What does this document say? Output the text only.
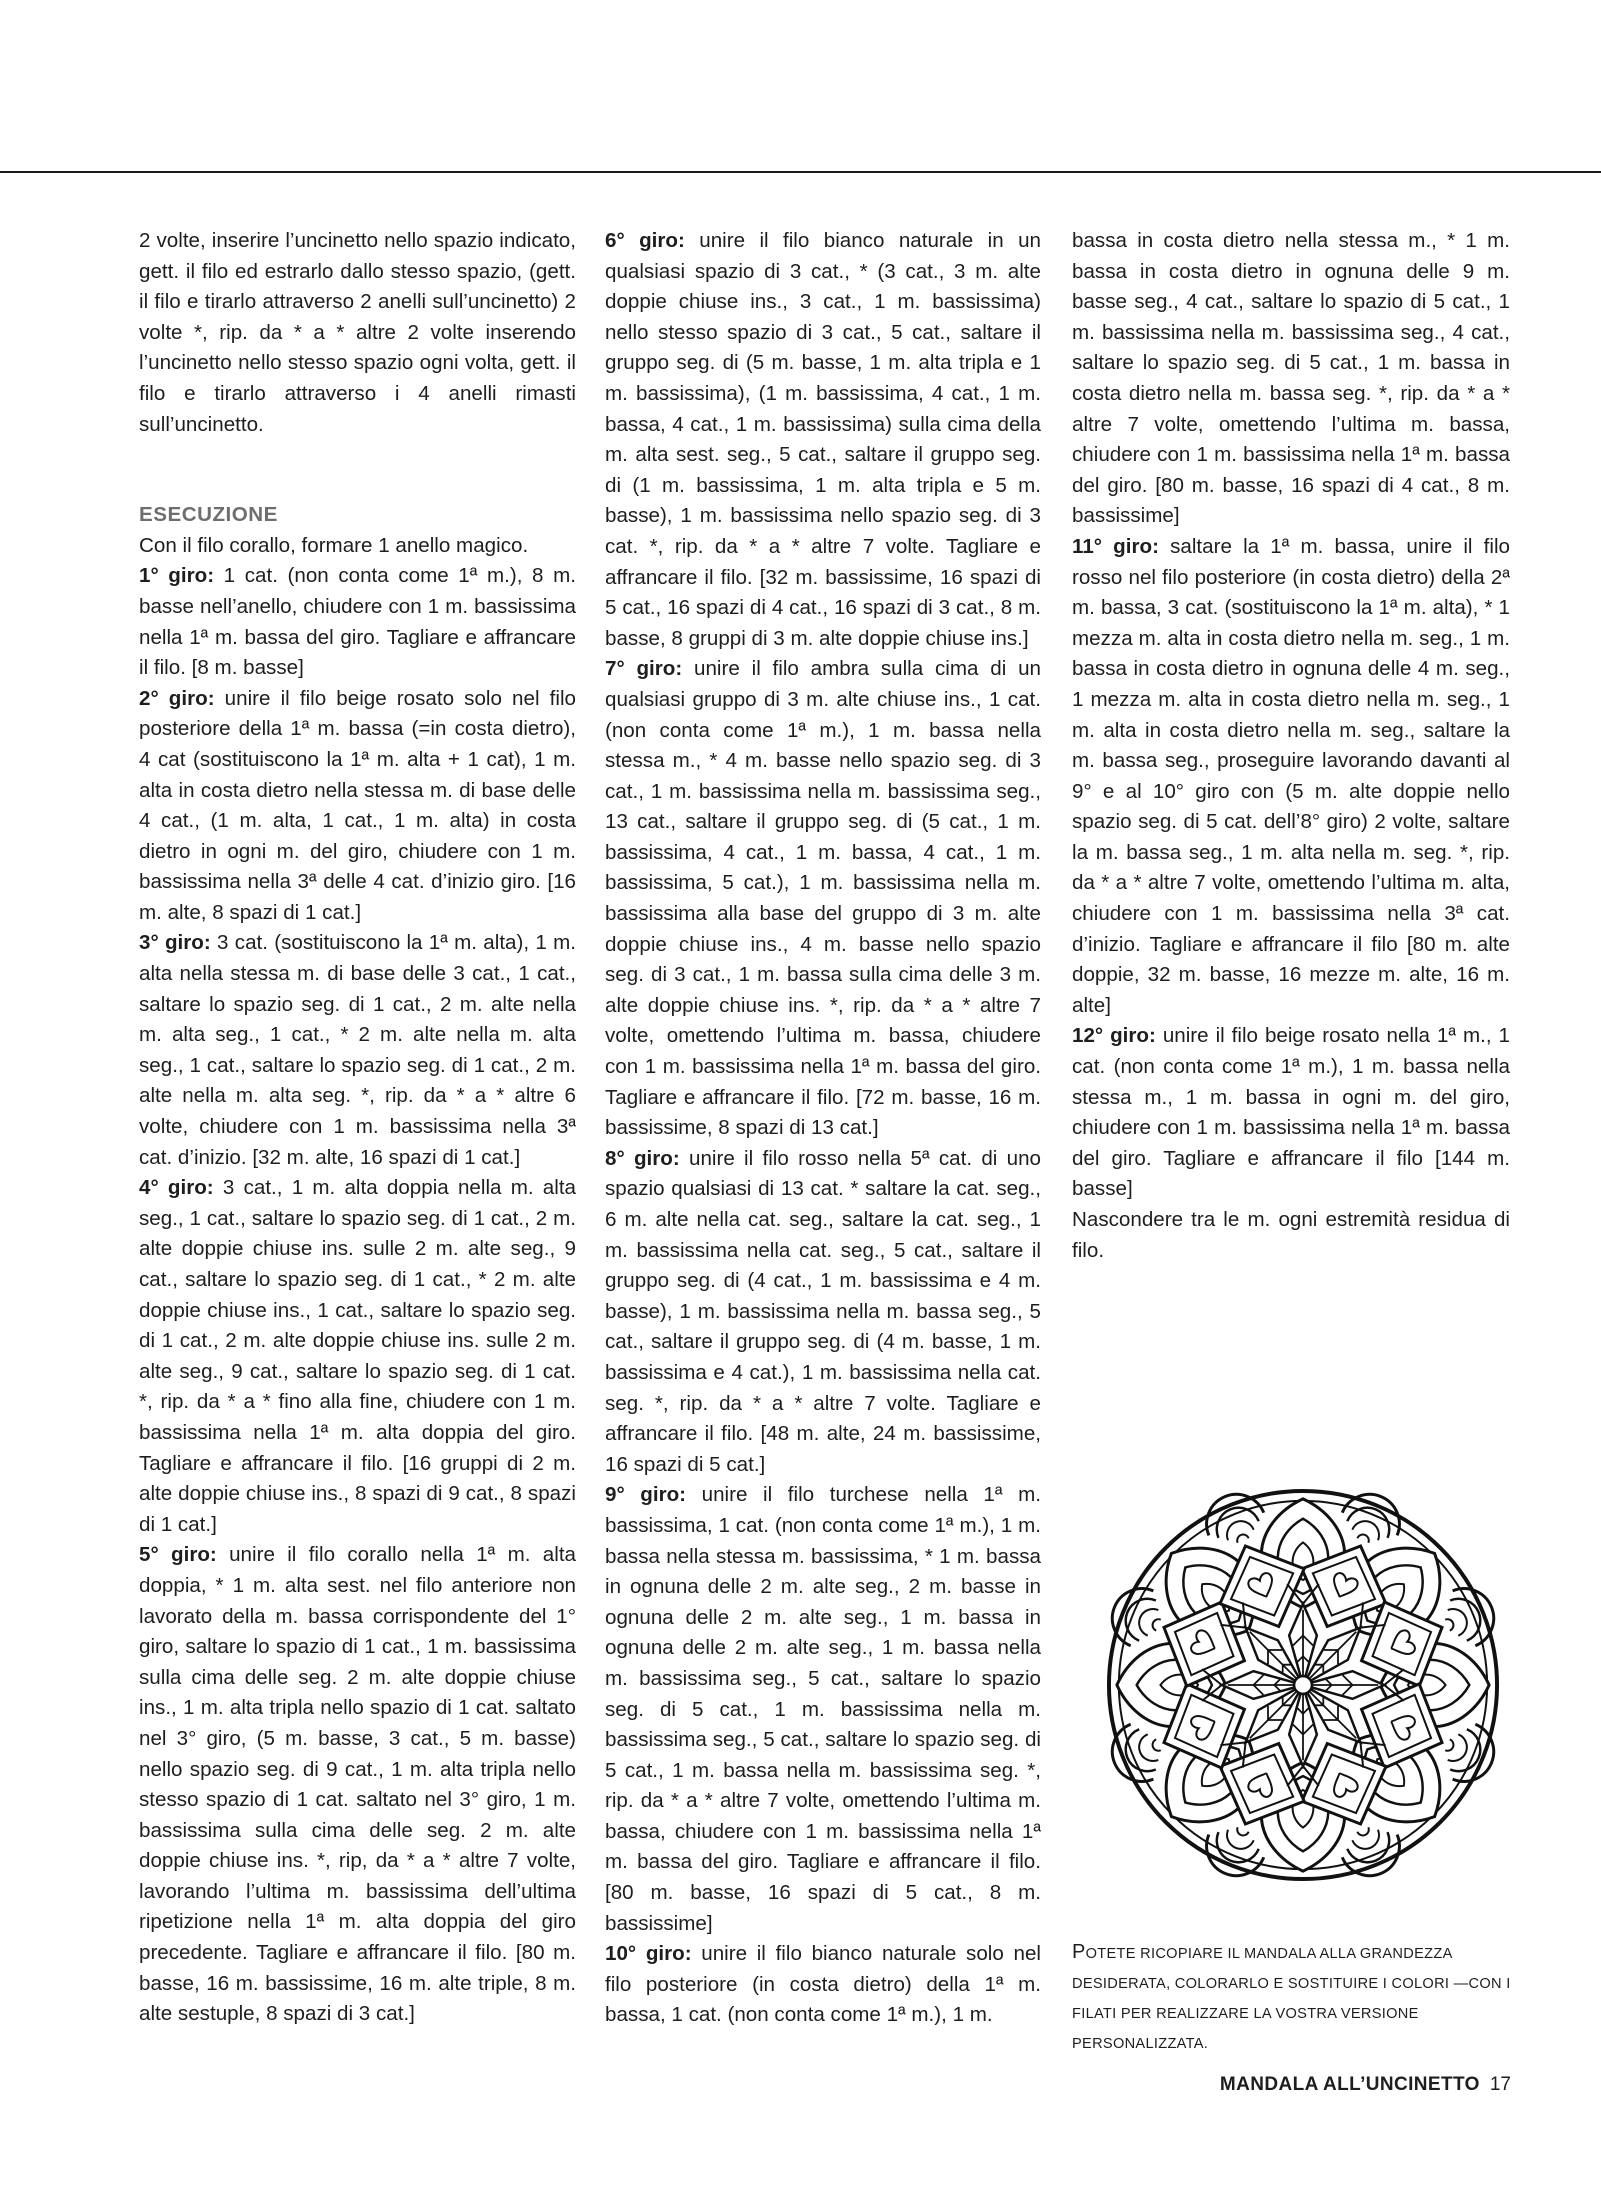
2 volte, inserire l’uncinetto nello spazio indicato, gett. il filo ed estrarlo dallo stesso spazio, (gett. il filo e tirarlo attraverso 2 anelli sull’uncinetto) 2 volte *, rip. da * a * altre 2 volte inserendo l’uncinetto nello stesso spazio ogni volta, gett. il filo e tirarlo attraverso i 4 anelli rimasti sull’uncinetto.

ESECUZIONE

Con il filo corallo, formare 1 anello magico.

1° giro: 1 cat. (non conta come 1ª m.), 8 m. basse nell’anello, chiudere con 1 m. bassissima nella 1ª m. bassa del giro. Tagliare e affrancare il filo. [8 m. basse]

2° giro: unire il filo beige rosato solo nel filo posteriore della 1ª m. bassa (=in costa dietro), 4 cat (sostituiscono la 1ª m. alta + 1 cat), 1 m. alta in costa dietro nella stessa m. di base delle 4 cat., (1 m. alta, 1 cat., 1 m. alta) in costa dietro in ogni m. del giro, chiudere con 1 m. bassissima nella 3ª delle 4 cat. d’inizio giro. [16 m. alte, 8 spazi di 1 cat.]

3° giro: 3 cat. (sostituiscono la 1ª m. alta), 1 m. alta nella stessa m. di base delle 3 cat., 1 cat., saltare lo spazio seg. di 1 cat., 2 m. alte nella m. alta seg., 1 cat., * 2 m. alte nella m. alta seg., 1 cat., saltare lo spazio seg. di 1 cat., 2 m. alte nella m. alta seg. *, rip. da * a * altre 6 volte, chiudere con 1 m. bassissima nella 3ª cat. d’inizio. [32 m. alte, 16 spazi di 1 cat.]

4° giro: 3 cat., 1 m. alta doppia nella m. alta seg., 1 cat., saltare lo spazio seg. di 1 cat., 2 m. alte doppie chiuse ins. sulle 2 m. alte seg., 9 cat., saltare lo spazio seg. di 1 cat., * 2 m. alte doppie chiuse ins., 1 cat., saltare lo spazio seg. di 1 cat., 2 m. alte doppie chiuse ins. sulle 2 m. alte seg., 9 cat., saltare lo spazio seg. di 1 cat. *, rip. da * a * fino alla fine, chiudere con 1 m. bassissima nella 1ª m. alta doppia del giro. Tagliare e affrancare il filo. [16 gruppi di 2 m. alte doppie chiuse ins., 8 spazi di 9 cat., 8 spazi di 1 cat.]

5° giro: unire il filo corallo nella 1ª m. alta doppia, * 1 m. alta sest. nel filo anteriore non lavorato della m. bassa corrispondente del 1° giro, saltare lo spazio di 1 cat., 1 m. bassissima sulla cima delle seg. 2 m. alte doppie chiuse ins., 1 m. alta tripla nello spazio di 1 cat. saltato nel 3° giro, (5 m. basse, 3 cat., 5 m. basse) nello spazio seg. di 9 cat., 1 m. alta tripla nello stesso spazio di 1 cat. saltato nel 3° giro, 1 m. bassissima sulla cima delle seg. 2 m. alte doppie chiuse ins. *, rip, da * a * altre 7 volte, lavorando l’ultima m. bassissima dell’ultima ripetizione nella 1ª m. alta doppia del giro precedente. Tagliare e affrancare il filo. [80 m. basse, 16 m. bassissime, 16 m. alte triple, 8 m. alte sestuple, 8 spazi di 3 cat.]

6° giro: unire il filo bianco naturale in un qualsiasi spazio di 3 cat., * (3 cat., 3 m. alte doppie chiuse ins., 3 cat., 1 m. bassissima) nello stesso spazio di 3 cat., 5 cat., saltare il gruppo seg. di (5 m. basse, 1 m. alta tripla e 1 m. bassissima), (1 m. bassissima, 4 cat., 1 m. bassa, 4 cat., 1 m. bassissima) sulla cima della m. alta sest. seg., 5 cat., saltare il gruppo seg. di (1 m. bassissima, 1 m. alta tripla e 5 m. basse), 1 m. bassissima nello spazio seg. di 3 cat. *, rip. da * a * altre 7 volte. Tagliare e affrancare il filo. [32 m. bassissime, 16 spazi di 5 cat., 16 spazi di 4 cat., 16 spazi di 3 cat., 8 m. basse, 8 gruppi di 3 m. alte doppie chiuse ins.]

7° giro: unire il filo ambra sulla cima di un qualsiasi gruppo di 3 m. alte chiuse ins., 1 cat. (non conta come 1ª m.), 1 m. bassa nella stessa m., * 4 m. basse nello spazio seg. di 3 cat., 1 m. bassissima nella m. bassissima seg., 13 cat., saltare il gruppo seg. di (5 cat., 1 m. bassissima, 4 cat., 1 m. bassa, 4 cat., 1 m. bassissima, 5 cat.), 1 m. bassissima nella m. bassissima alla base del gruppo di 3 m. alte doppie chiuse ins., 4 m. basse nello spazio seg. di 3 cat., 1 m. bassa sulla cima delle 3 m. alte doppie chiuse ins. *, rip. da * a * altre 7 volte, omettendo l’ultima m. bassa, chiudere con 1 m. bassissima nella 1ª m. bassa del giro. Tagliare e affrancare il filo. [72 m. basse, 16 m. bassissime, 8 spazi di 13 cat.]

8° giro: unire il filo rosso nella 5ª cat. di uno spazio qualsiasi di 13 cat. * saltare la cat. seg., 6 m. alte nella cat. seg., saltare la cat. seg., 1 m. bassissima nella cat. seg., 5 cat., saltare il gruppo seg. di (4 cat., 1 m. bassissima e 4 m. basse), 1 m. bassissima nella m. bassa seg., 5 cat., saltare il gruppo seg. di (4 m. basse, 1 m. bassissima e 4 cat.), 1 m. bassissima nella cat. seg. *, rip. da * a * altre 7 volte. Tagliare e affrancare il filo. [48 m. alte, 24 m. bassissime, 16 spazi di 5 cat.]

9° giro: unire il filo turchese nella 1ª m. bassissima, 1 cat. (non conta come 1ª m.), 1 m. bassa nella stessa m. bassissima, * 1 m. bassa in ognuna delle 2 m. alte seg., 2 m. basse in ognuna delle 2 m. alte seg., 1 m. bassa in ognuna delle 2 m. alte seg., 1 m. bassa nella m. bassissima seg., 5 cat., saltare lo spazio seg. di 5 cat., 1 m. bassissima nella m. bassissima seg., 5 cat., saltare lo spazio seg. di 5 cat., 1 m. bassa nella m. bassissima seg. *, rip. da * a * altre 7 volte, omettendo l’ultima m. bassa, chiudere con 1 m. bassissima nella 1ª m. bassa del giro. Tagliare e affrancare il filo. [80 m. basse, 16 spazi di 5 cat., 8 m. bassissime]

10° giro: unire il filo bianco naturale solo nel filo posteriore (in costa dietro) della 1ª m. bassa, 1 cat. (non conta come 1ª m.), 1 m.

bassa in costa dietro nella stessa m., * 1 m. bassa in costa dietro in ognuna delle 9 m. basse seg., 4 cat., saltare lo spazio di 5 cat., 1 m. bassissima nella m. bassissima seg., 4 cat., saltare lo spazio seg. di 5 cat., 1 m. bassa in costa dietro nella m. bassa seg. *, rip. da * a * altre 7 volte, omettendo l’ultima m. bassa, chiudere con 1 m. bassissima nella 1ª m. bassa del giro. [80 m. basse, 16 spazi di 4 cat., 8 m. bassissime]

11° giro: saltare la 1ª m. bassa, unire il filo rosso nel filo posteriore (in costa dietro) della 2ª m. bassa, 3 cat. (sostituiscono la 1ª m. alta), * 1 mezza m. alta in costa dietro nella m. seg., 1 m. bassa in costa dietro in ognuna delle 4 m. seg., 1 mezza m. alta in costa dietro nella m. seg., 1 m. alta in costa dietro nella m. seg., saltare la m. bassa seg., proseguire lavorando davanti al 9° e al 10° giro con (5 m. alte doppie nello spazio seg. di 5 cat. dell’8° giro) 2 volte, saltare la m. bassa seg., 1 m. alta nella m. seg. *, rip. da * a * altre 7 volte, omettendo l’ultima m. alta, chiudere con 1 m. bassissima nella 3ª cat. d’inizio. Tagliare e affrancare il filo [80 m. alte doppie, 32 m. basse, 16 mezze m. alte, 16 m. alte]

12° giro: unire il filo beige rosato nella 1ª m., 1 cat. (non conta come 1ª m.), 1 m. bassa nella stessa m., 1 m. bassa in ogni m. del giro, chiudere con 1 m. bassissima nella 1ª m. bassa del giro. Tagliare e affrancare il filo [144 m. basse]

Nascondere tra le m. ogni estremità residua di filo.

POTETE RICOPIARE IL MANDALA ALLA GRANDEZZA DESIDERATA, COLORARLO E SOSTITUIRE I COLORI —CON I FILATI PER REALIZZARE LA VOSTRA VERSIONE PERSONALIZZATA.
MANDALA ALL’UNCINETTO 17
